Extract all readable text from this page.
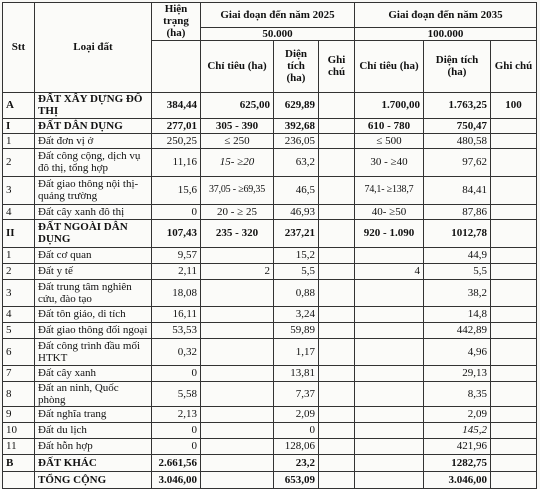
Stt	Loại đất	Hiện trạng	Giai đoạn đến năm 2025			Giai đoạn đến năm 2035		
		(ha)	50.000			100.000		
			Chỉ tiêu (ha)	Diện tích (ha)	Ghi chú	Chỉ tiêu (ha)	Diện tích (ha)	Ghi chú
A	ĐẤT XÂY DỰNG ĐÔ THỊ	384,44	625,00	629,89		1.700,00	1.763,25	100
I	ĐẤT DÂN DỤNG	277,01	305 - 390	392,68		610 - 780	750,47	
1	Đất đơn vị ở	250,25	≤ 250	236,05		≤ 500	480,58	
2	Đất công cộng, dịch vụ đô thị, tổng hợp	11,16	15- ≥20	63,2		30 - ≥40	97,62	
3	Đất giao thông nội thị-quảng trường	15,6	37,05 - ≥69,35	46,5		74,1- ≥138,7	84,41	
4	Đất cây xanh đô thị	0	20 - ≥ 25	46,93		40- ≥50	87,86	
II	ĐẤT NGOÀI DÂN DỤNG	107,43	235 - 320	237,21		920 - 1.090	1012,78	
1	Đất cơ quan	9,57		15,2			44,9	
2	Đất y tế	2,11	2	5,5		4	5,5	
3	Đất trung tâm nghiên cứu, đào tạo	18,08		0,88			38,2	
4	Đất tôn giáo, di tích	16,11		3,24			14,8	
5	Đất giao thông đối ngoại	53,53		59,89			442,89	
6	Đất công trình đầu mối HTKT	0,32		1,17			4,96	
7	Đất cây xanh	0		13,81			29,13	
8	Đất an ninh, Quốc phòng	5,58		7,37			8,35	
9	Đất nghĩa trang	2,13		2,09			2,09	
10	Đất du lịch	0		0			145,2	
11	Đất hỗn hợp	0		128,06			421,96	
B	ĐẤT KHÁC	2.661,56		23,2			1282,75	
	TỔNG CỘNG	3.046,00		653,09			3.046,00	
